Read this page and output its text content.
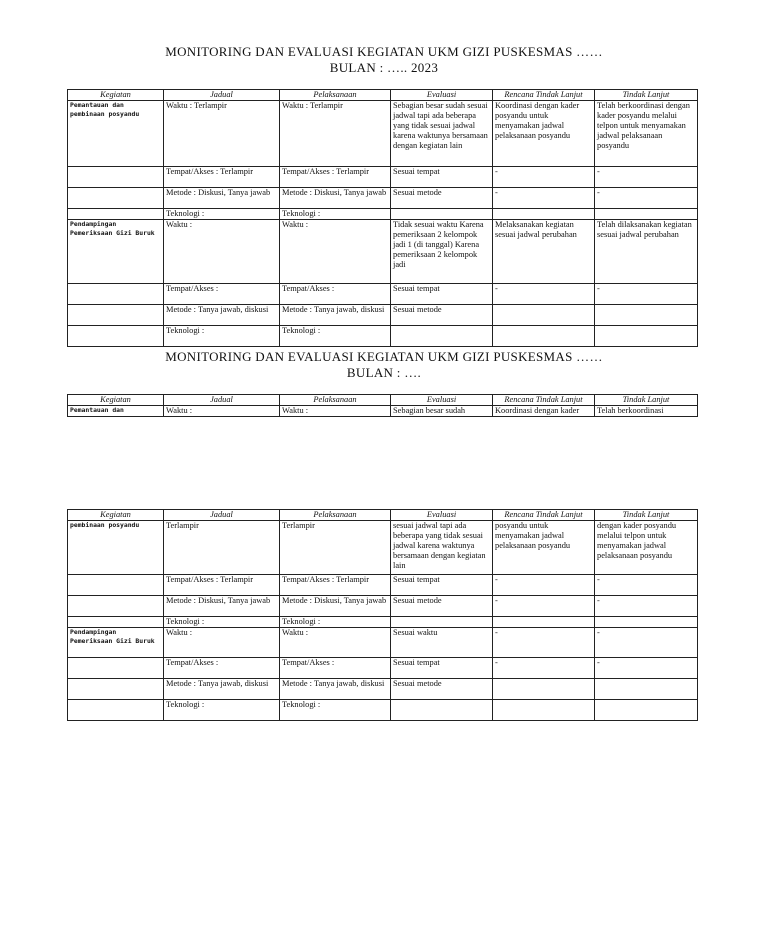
MONITORING DAN EVALUASI KEGIATAN UKM GIZI PUSKESMAS ……
BULAN : ….. 2023
Kegiatan	Jadual	Pelaksanaan	Evaluasi	Rencana Tindak Lanjut	Tindak Lanjut
Pemantauan dan pembinaan posyandu	Waktu : Terlampir	Waktu : Terlampir	Sebagian besar sudah sesuai jadwal tapi ada beberapa yang tidak sesuai jadwal karena waktunya bersamaan dengan kegiatan lain	Koordinasi dengan kader posyandu untuk menyamakan jadwal pelaksanaan posyandu	Telah berkoordinasi dengan kader posyandu melalui telpon untuk menyamakan jadwal pelaksanaan posyandu
	Tempat/Akses : Terlampir	Tempat/Akses : Terlampir	Sesuai tempat	-	-
	Metode : Diskusi, Tanya jawab	Metode : Diskusi, Tanya jawab	Sesuai metode	-	-
	Teknologi :	Teknologi :			
Pendampingan Pemeriksaan Gizi Buruk	Waktu :	Waktu :	Tidak sesuai waktu Karena pemeriksaan 2 kelompok jadi 1 (di tanggal) Karena pemeriksaan 2 kelompok jadi	Melaksanakan kegiatan sesuai jadwal perubahan	Telah dilaksanakan kegiatan sesuai jadwal perubahan
	Tempat/Akses :	Tempat/Akses :	Sesuai tempat	-	-
	Metode : Tanya jawab, diskusi	Metode : Tanya jawab, diskusi	Sesuai metode		
	Teknologi :	Teknologi :			
MONITORING DAN EVALUASI KEGIATAN UKM GIZI PUSKESMAS ……
BULAN : ….
Kegiatan	Jadual	Pelaksanaan	Evaluasi	Rencana Tindak Lanjut	Tindak Lanjut
Pemantauan dan	Waktu :	Waktu :	Sebagian besar sudah	Koordinasi dengan kader	Telah berkoordinasi
Kegiatan	Jadual	Pelaksanaan	Evaluasi	Rencana Tindak Lanjut	Tindak Lanjut
pembinaan posyandu	Terlampir	Terlampir	sesuai jadwal tapi ada beberapa yang tidak sesuai jadwal karena waktunya bersamaan dengan kegiatan lain	posyandu untuk menyamakan jadwal pelaksanaan posyandu	dengan kader posyandu melalui telpon untuk menyamakan jadwal pelaksanaan posyandu
	Tempat/Akses : Terlampir	Tempat/Akses : Terlampir	Sesuai tempat	-	-
	Metode : Diskusi, Tanya jawab	Metode : Diskusi, Tanya jawab	Sesuai metode	-	-
	Teknologi :	Teknologi :			
Pendampingan Pemeriksaan Gizi Buruk	Waktu :	Waktu :	Sesuai waktu	-	-
	Tempat/Akses :	Tempat/Akses :	Sesuai tempat	-	-
	Metode : Tanya jawab, diskusi	Metode : Tanya jawab, diskusi	Sesuai metode		
	Teknologi :	Teknologi :			
